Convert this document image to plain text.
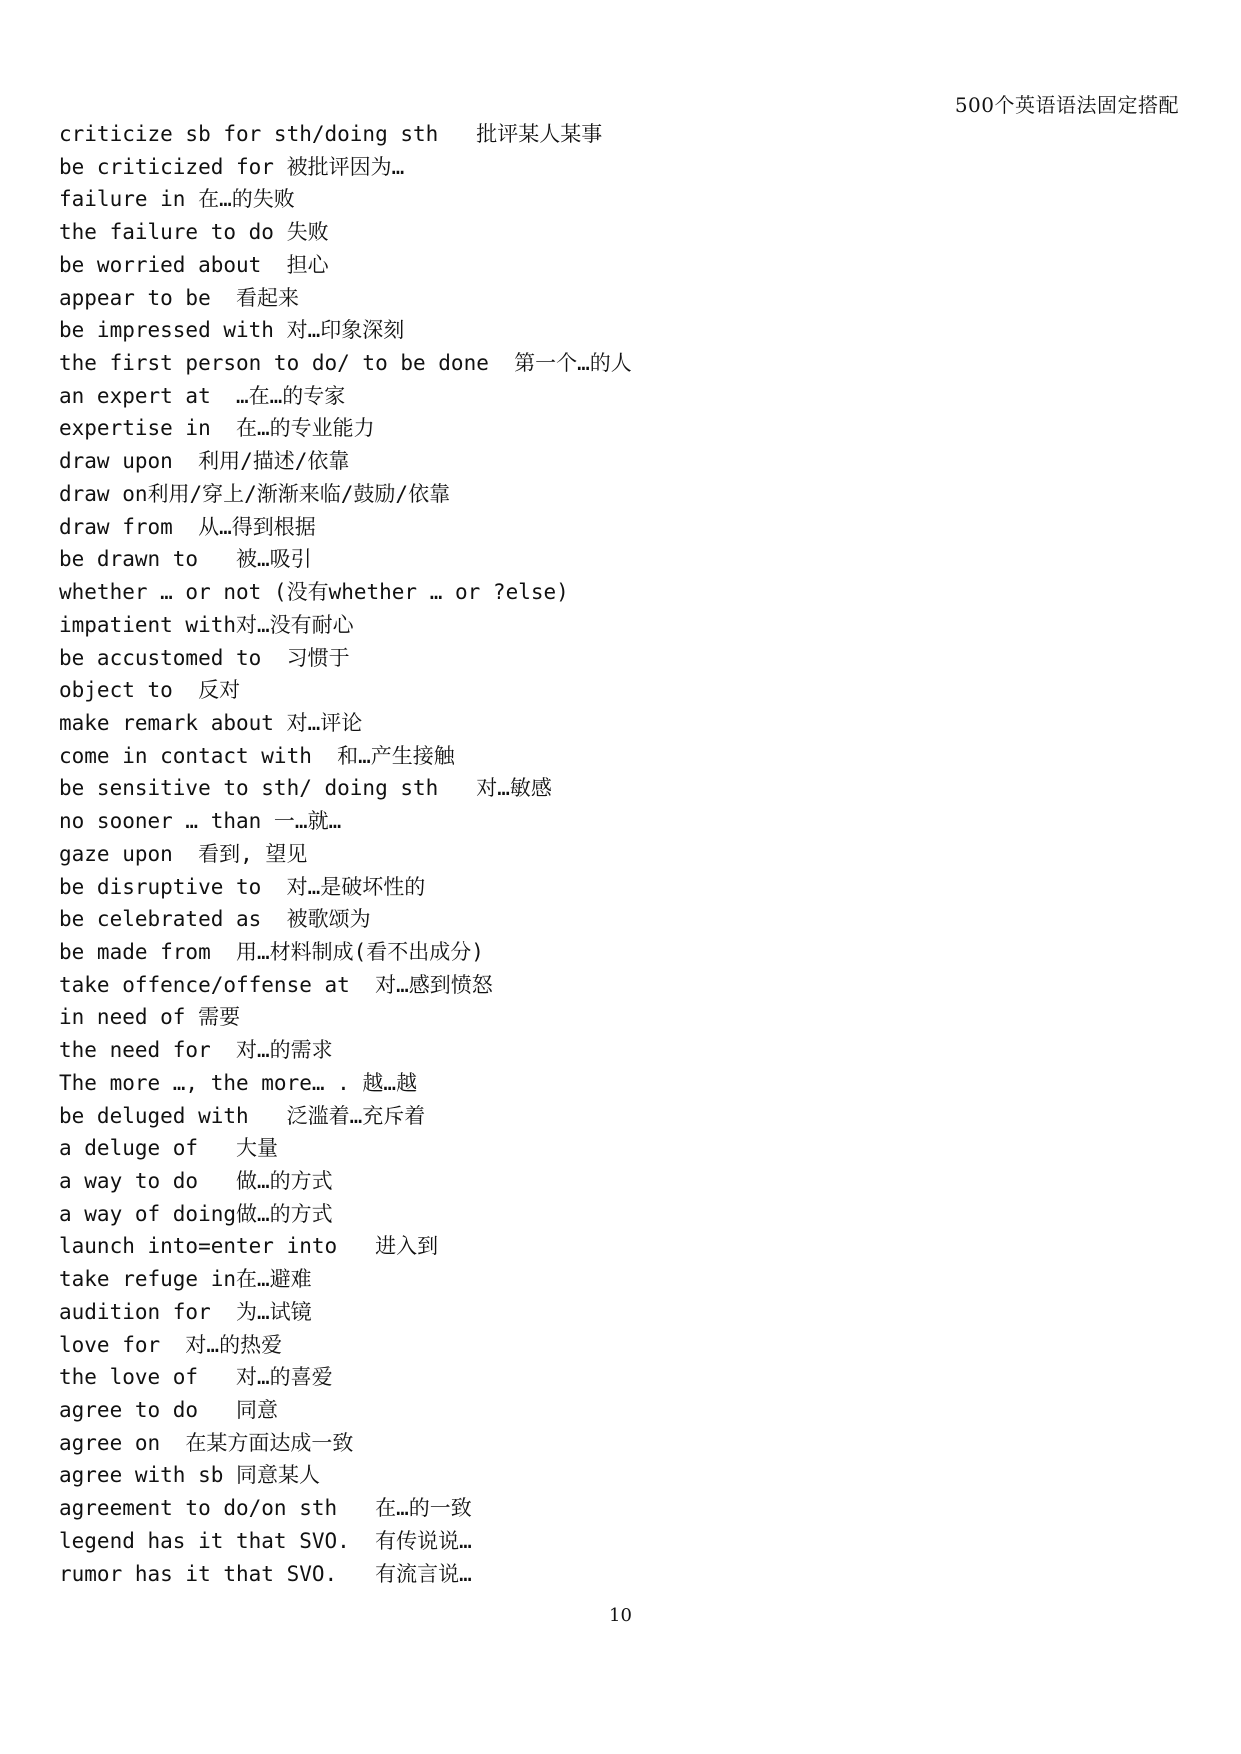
500个英语语法固定搭配
criticize sb for sth/doing sth   批评某人某事
be criticized for 被批评因为…
failure in 在…的失败
the failure to do 失败
be worried about  担心
appear to be  看起来
be impressed with 对…印象深刻
the first person to do/ to be done  第一个…的人
an expert at  …在…的专家
expertise in  在…的专业能力
draw upon  利用/描述/依靠
draw on利用/穿上/渐渐来临/鼓励/依靠
draw from  从…得到根据
be drawn to   被…吸引
whether … or not (没有whether … or ?else)
impatient with对…没有耐心
be accustomed to  习惯于
object to  反对
make remark about 对…评论
come in contact with  和…产生接触
be sensitive to sth/ doing sth   对…敏感
no sooner … than 一…就…
gaze upon  看到, 望见
be disruptive to  对…是破坏性的
be celebrated as  被歌颂为
be made from  用…材料制成(看不出成分)
take offence/offense at  对…感到愤怒
in need of 需要
the need for  对…的需求
The more …, the more… . 越…越
be deluged with   泛滥着…充斥着
a deluge of   大量
a way to do   做…的方式
a way of doing做…的方式
launch into=enter into   进入到
take refuge in在…避难
audition for  为…试镜
love for  对…的热爱
the love of   对…的喜爱
agree to do   同意
agree on  在某方面达成一致
agree with sb 同意某人
agreement to do/on sth   在…的一致
legend has it that SVO.  有传说说…
rumor has it that SVO.   有流言说…
10
